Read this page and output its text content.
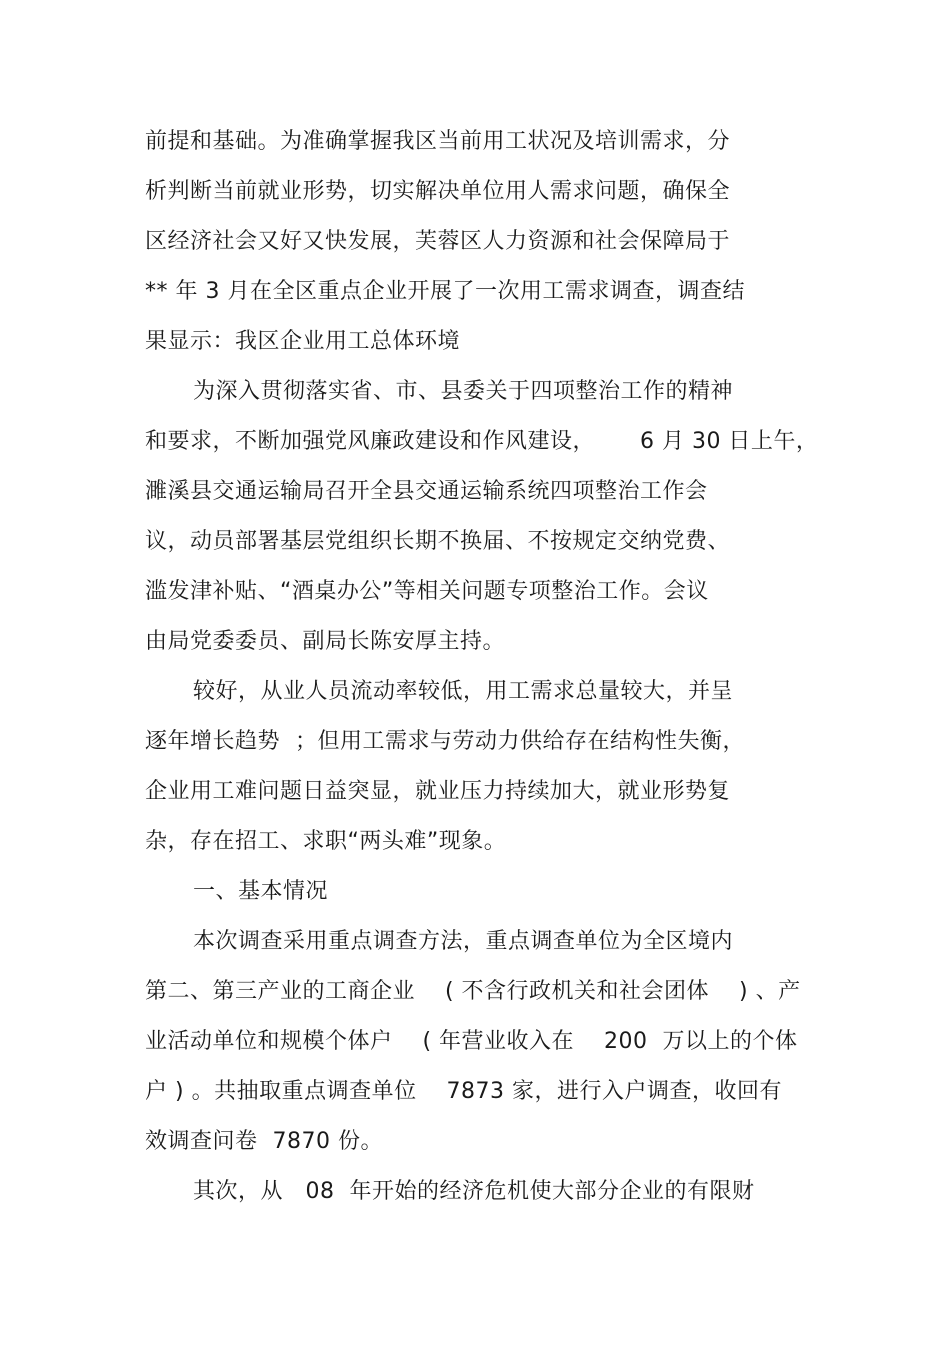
前提和基础。为准确掌握我区当前用工状况及培训需求，分
析判断当前就业形势，切实解决单位用人需求问题，确保全
区经济社会又好又快发展，芙蓉区人力资源和社会保障局于
** 年 3 月在全区重点企业开展了一次用工需求调查，调查结
果显示：我区企业用工总体环境
为深入贯彻落实省、市、县委关于四项整治工作的精神
和要求，不断加强党风廉政建设和作风建设，      6 月 30 日上午，
濉溪县交通运输局召开全县交通运输系统四项整治工作会
议，动员部署基层党组织长期不换届、不按规定交纳党费、
滥发津补贴、“酒桌办公”等相关问题专项整治工作。会议
由局党委委员、副局长陈安厚主持。
较好，从业人员流动率较低，用工需求总量较大，并呈
逐年增长趋势  ；但用工需求与劳动力供给存在结构性失衡，
企业用工难问题日益突显，就业压力持续加大，就业形势复
杂，存在招工、求职“两头难”现象。
一、基本情况
本次调查采用重点调查方法，重点调查单位为全区境内
第二、第三产业的工商企业    ( 不含行政机关和社会团体    ) 、产
业活动单位和规模个体户    ( 年营业收入在    200  万以上的个体
户 ) 。共抽取重点调查单位    7873 家，进行入户调查，收回有
效调查问卷  7870 份。
其次，从   08  年开始的经济危机使大部分企业的有限财
